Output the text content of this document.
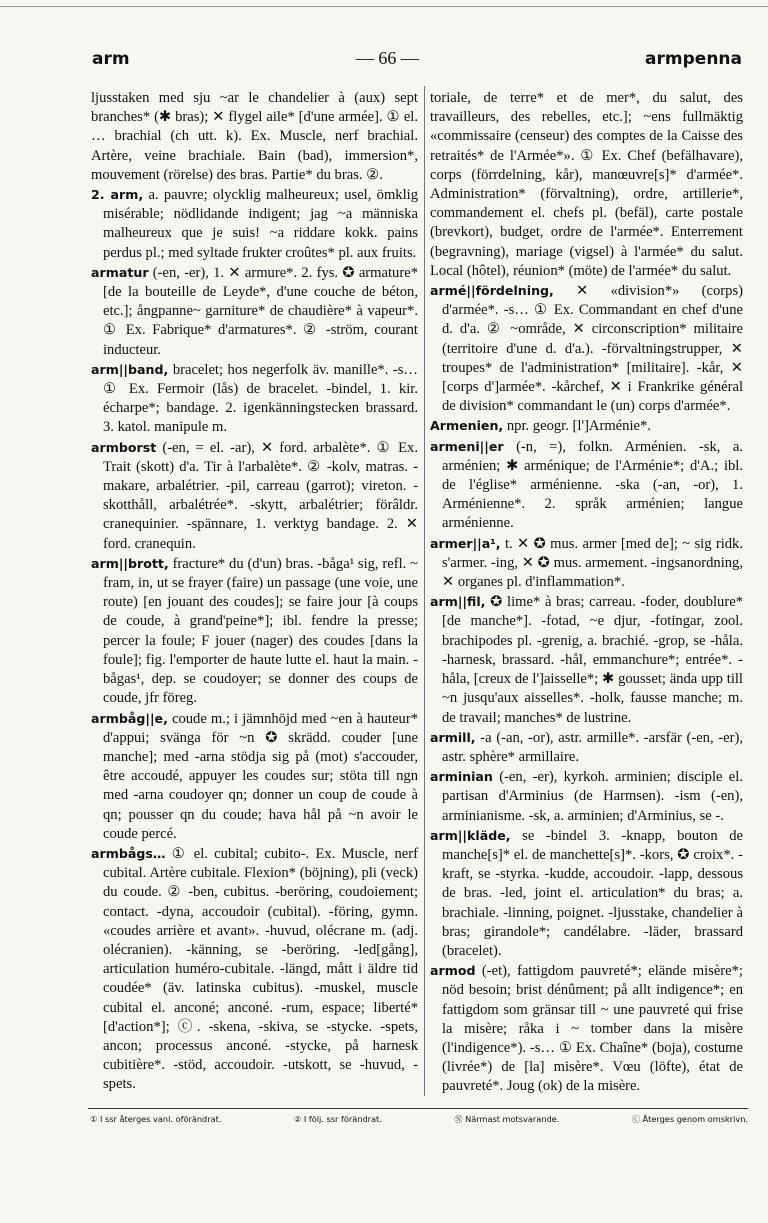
arm	— 66 —	armpenna

ljusstaken med sju ~ar le chandelier à (aux) sept branches* (✱ bras); ✕ flygel aile* [d'une armée]. ① el. … brachial (ch utt. k). Ex. Muscle, nerf brachial. Artère, veine brachiale. Bain (bad), immersion*, mouvement (rörelse) des bras. Partie* du bras. ②.

2. arm, a. pauvre; olycklig malheureux; usel, ömklig misérable; nödlidande indigent; jag ~a människa malheureux que je suis! ~a riddare kokk. pains perdus pl.; med syltade frukter croûtes* pl. aux fruits.

armatur (-en, -er), 1. ✕ armure*. 2. fys. ✪ armature* [de la bouteille de Leyde*, d'une couche de béton, etc.]; ångpanne~ garniture* de chaudière* à vapeur*. ① Ex. Fabrique* d'armatures*. ② -ström, courant inducteur.

arm||band, bracelet; hos negerfolk äv. manille*. -s… ① Ex. Fermoir (lås) de bracelet. -bindel, 1. kir. écharpe*; bandage. 2. igenkänningstecken brassard. 3. katol. manipule m.

armborst (-en, = el. -ar), ✕ ford. arbalète*. ① Ex. Trait (skott) d'a. Tir à l'arbalète*. ② -kolv, matras. -makare, arbalétrier. -pil, carreau (garrot); vireton. -skotthåll, arbalétrée*. -skytt, arbalétrier; förâldr. cranequinier. -spännare, 1. verktyg bandage. 2. ✕ ford. cranequin.

arm||brott, fracture* du (d'un) bras. -båga¹ sig, refl. ~ fram, in, ut se frayer (faire) un passage (une voie, une route) [en jouant des coudes]; se faire jour [à coups de coude, à grand'peine*]; ibl. fendre la presse; percer la foule; F jouer (nager) des coudes [dans la foule]; fig. l'emporter de haute lutte el. haut la main. -bågas¹, dep. se coudoyer; se donner des coups de coude, jfr föreg.

armbåg||e, coude m.; i jämnhöjd med ~en à hauteur* d'appui; svänga för ~n ✪ skrädd. couder [une manche]; med -arna stödja sig på (mot) s'accouder, être accoudé, appuyer les coudes sur; stöta till ngn med -arna coudoyer qn; donner un coup de coude à qn; pousser qn du coude; hava hål på ~n avoir le coude percé.

armbågs… ① el. cubital; cubito-. Ex. Muscle, nerf cubital. Artère cubitale. Flexion* (böjning), pli (veck) du coude. ② -ben, cubitus. -beröring, coudoiement; contact. -dyna, accoudoir (cubital). -föring, gymn. «coudes arrière et avant». -huvud, olécrane m. (adj. olécranien). -känning, se -beröring. -led[gång], articulation huméro-cubitale. -längd, mått i äldre tid coudée* (äv. latinska cubitus). -muskel, muscle cubital el. anconé; anconé. -rum, espace; liberté* [d'action*]; ⓒ. -skena, -skiva, se -stycke. -spets, ancon; processus anconé. -stycke, på harnesk cubitière*. -stöd, accoudoir. -utskott, se -huvud, -spets.

toriale, de terre* et de mer*, du salut, des travailleurs, des rebelles, etc.]; ~ens fullmäktig «commissaire (censeur) des comptes de la Caisse des retraités* de l'Armée*». ① Ex. Chef (befälhavare), corps (förrdelning, kår), manœuvre[s]* d'armée*. Administration* (förvaltning), ordre, artillerie*, commandement el. chefs pl. (befäl), carte postale (brevkort), budget, ordre de l'armée*. Enterrement (begravning), mariage (vigsel) à l'armée* du salut. Local (hôtel), réunion* (möte) de l'armée* du salut.

armé||fördelning, ✕ «division*» (corps) d'armée*. -s… ① Ex. Commandant en chef d'une d. d'a. ② ~område, ✕ circonscription* militaire (territoire d'une d. d'a.). -förvaltningstrupper, ✕ troupes* de l'administration* [militaire]. -kår, ✕ [corps d']armée*. -kårchef, ✕ i Frankrike général de division* commandant le (un) corps d'armée*.

Armenien, npr. geogr. [l']Arménie*.

armeni||er (-n, =), folkn. Arménien. -sk, a. arménien; ✱ arménique; de l'Arménie*; d'A.; ibl. de l'église* arménienne. -ska (-an, -or), 1. Arménienne*. 2. språk arménien; langue arménienne.

armer||a¹, t. ✕ ✪ mus. armer [med de]; ~ sig ridk. s'armer. -ing, ✕ ✪ mus. armement. -ingsanordning, ✕ organes pl. d'inflammation*.

arm||fil, ✪ lime* à bras; carreau. -foder, doublure* [de manche*]. -fotad, ~e djur, -fotingar, zool. brachipodes pl. -grenig, a. brachié. -grop, se -håla. -harnesk, brassard. -hål, emmanchure*; entrée*. -håla, [creux de l']aisselle*; ✱ gousset; ända upp till ~n jusqu'aux aisselles*. -holk, fausse manche; m. de travail; manches* de lustrine.

armill, -a (-an, -or), astr. armille*. -arsfär (-en, -er), astr. sphère* armillaire.

arminian (-en, -er), kyrkoh. arminien; disciple el. partisan d'Arminius (de Harmsen). -ism (-en), arminianisme. -sk, a. arminien; d'Arminius, se -.

arm||kläde, se -bindel 3. -knapp, bouton de manche[s]* el. de manchette[s]*. -kors, ✪ croix*. -kraft, se -styrka. -kudde, accoudoir. -lapp, dessous de bras. -led, joint el. articulation* du bras; a. brachiale. -linning, poignet. -ljusstake, chandelier à bras; girandole*; candélabre. -läder, brassard (bracelet).

armod (-et), fattigdom pauvreté*; elände misère*; nöd besoin; brist dénûment; på allt indigence*; en fattigdom som gränsar till ~ une pauvreté qui frise la misère; råka i ~ tomber dans la misère (l'indigence*). -s… ① Ex. Chaîne* (boja), costume (livrée*) de [la] misère*. Vœu (löfte), état de pauvreté*. Joug (ok) de la misère.

① I ssr återges vanl. oförändrat.	② I följ. ssr förändrat.	Ⓝ Närmast motsvarande.	ⓒ Återges genom omskrivn.
